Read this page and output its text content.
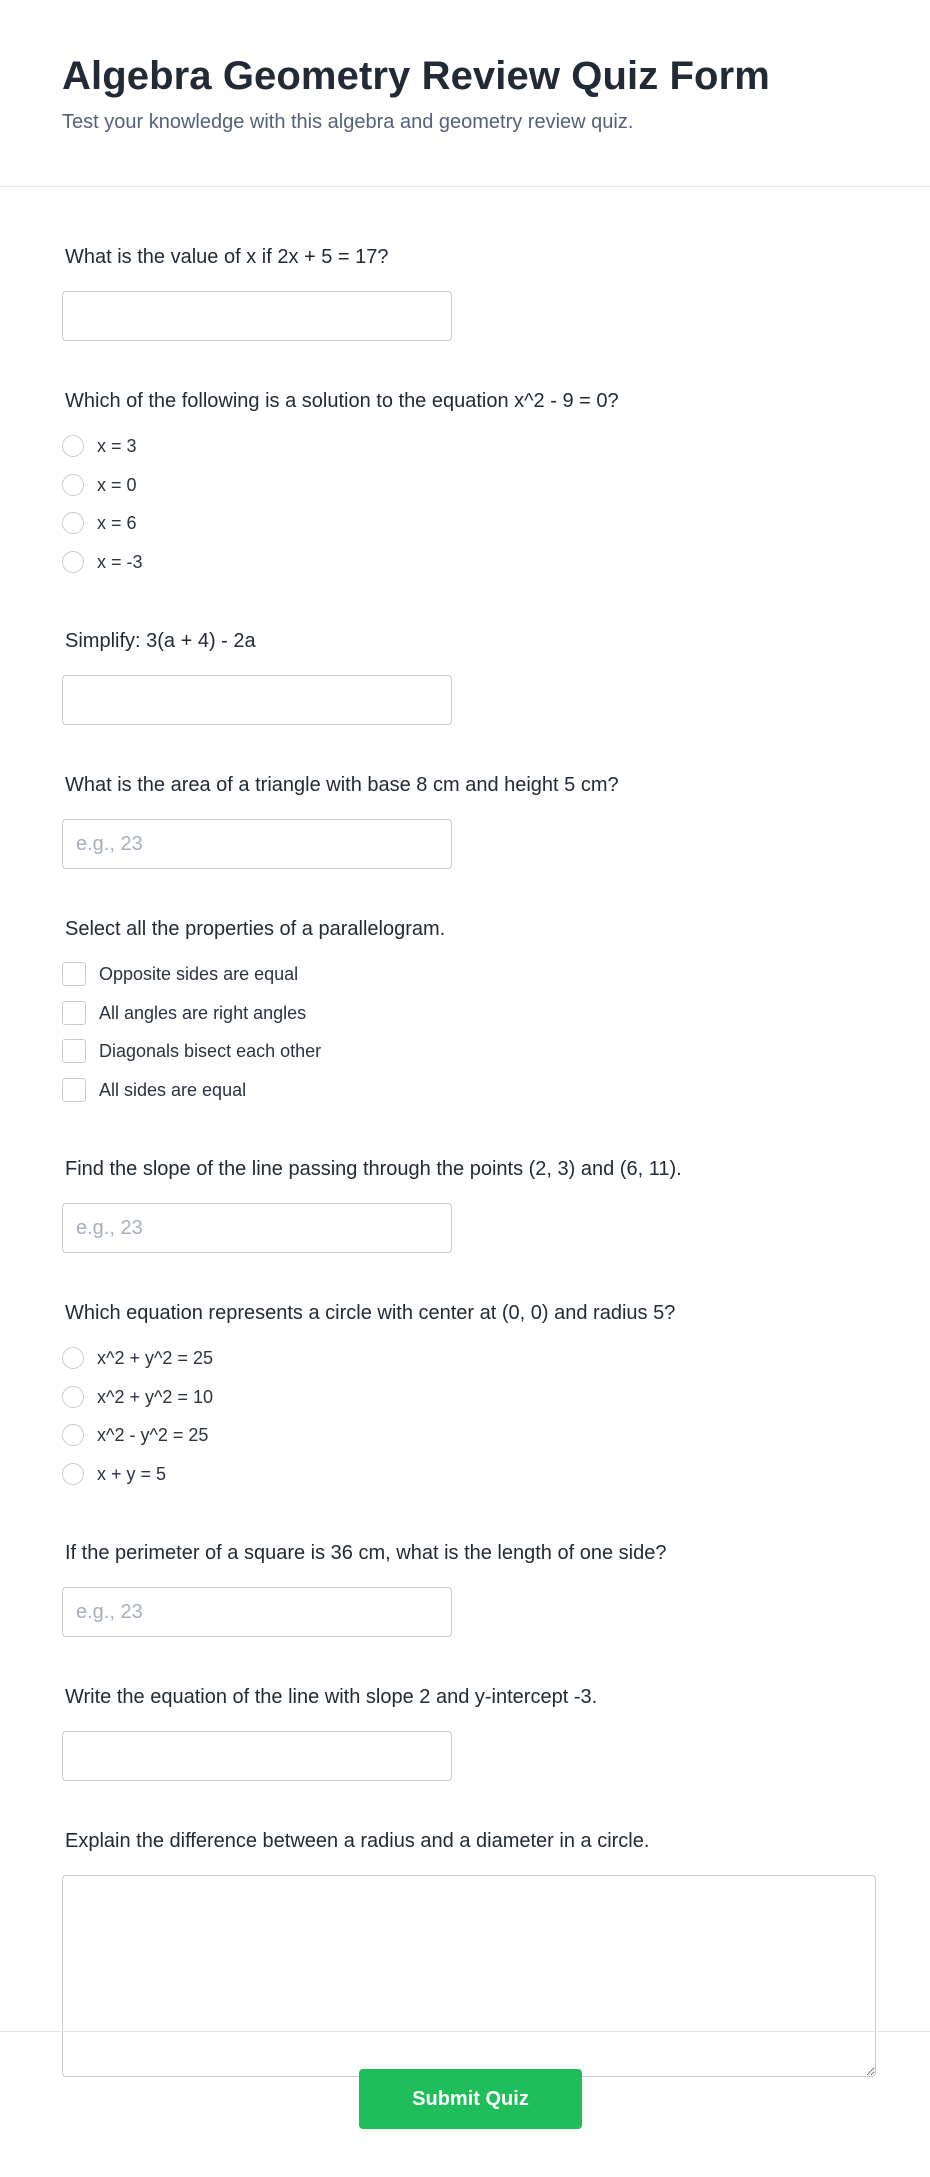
Algebra Geometry Review Quiz Form

Test your knowledge with this algebra and geometry review quiz.

What is the value of x if 2x + 5 = 17?
Which of the following is a solution to the equation x^2 - 9 = 0?
x = 3
x = 0
x = 6
x = -3
Simplify: 3(a + 4) - 2a
What is the area of a triangle with base 8 cm and height 5 cm?
e.g., 23
Select all the properties of a parallelogram.
Opposite sides are equal
All angles are right angles
Diagonals bisect each other
All sides are equal
Find the slope of the line passing through the points (2, 3) and (6, 11).
e.g., 23
Which equation represents a circle with center at (0, 0) and radius 5?
x^2 + y^2 = 25
x^2 + y^2 = 10
x^2 - y^2 = 25
x + y = 5
If the perimeter of a square is 36 cm, what is the length of one side?
e.g., 23
Write the equation of the line with slope 2 and y-intercept -3.
Explain the difference between a radius and a diameter in a circle.
Submit Quiz
